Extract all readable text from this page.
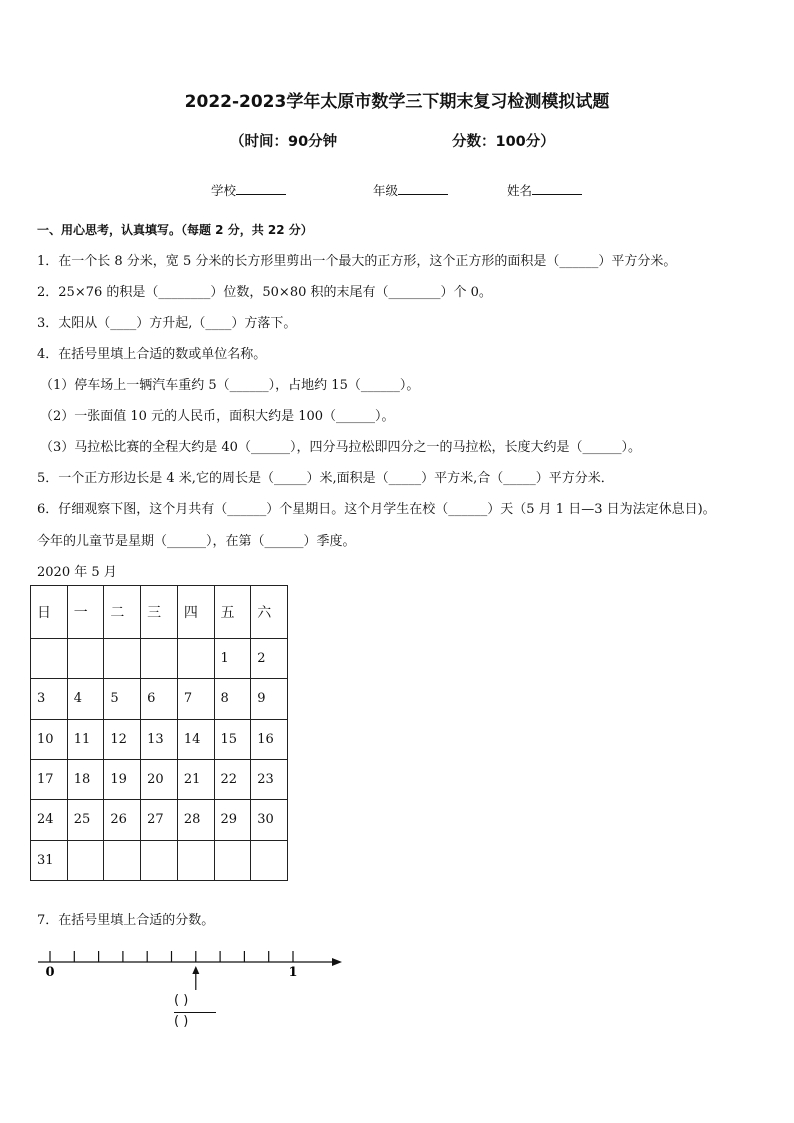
2022-2023学年太原市数学三下期末复习检测模拟试题
（时间：90分钟	分数：100分）
学校	年级	姓名
一、用心思考，认真填写。（每题 2 分，共 22 分）
1．在一个长 8 分米，宽 5 分米的长方形里剪出一个最大的正方形，这个正方形的面积是（______）平方分米。
2．25×76 的积是（________）位数，50×80 积的末尾有（________）个 0。
3．太阳从（____）方升起,（____）方落下。
4．在括号里填上合适的数或单位名称。
（1）停车场上一辆汽车重约 5（______），占地约 15（______）。
（2）一张面值 10 元的人民币，面积大约是 100（______）。
（3）马拉松比赛的全程大约是 40（______），四分马拉松即四分之一的马拉松，长度大约是（______）。
5．一个正方形边长是 4 米,它的周长是（_____）米,面积是（_____）平方米,合（_____）平方分米．
6．仔细观察下图，这个月共有（______）个星期日。这个月学生在校（______）天（5 月 1 日—3 日为法定休息日)。
今年的儿童节是星期（______），在第（______）季度。
2020 年 5 月
日	一	二	三	四	五	六
					1	2
3	4	5	6	7	8	9
10	11	12	13	14	15	16
17	18	19	20	21	22	23
24	25	26	27	28	29	30
31						
7．在括号里填上合适的分数。
0	1
( )
( )
